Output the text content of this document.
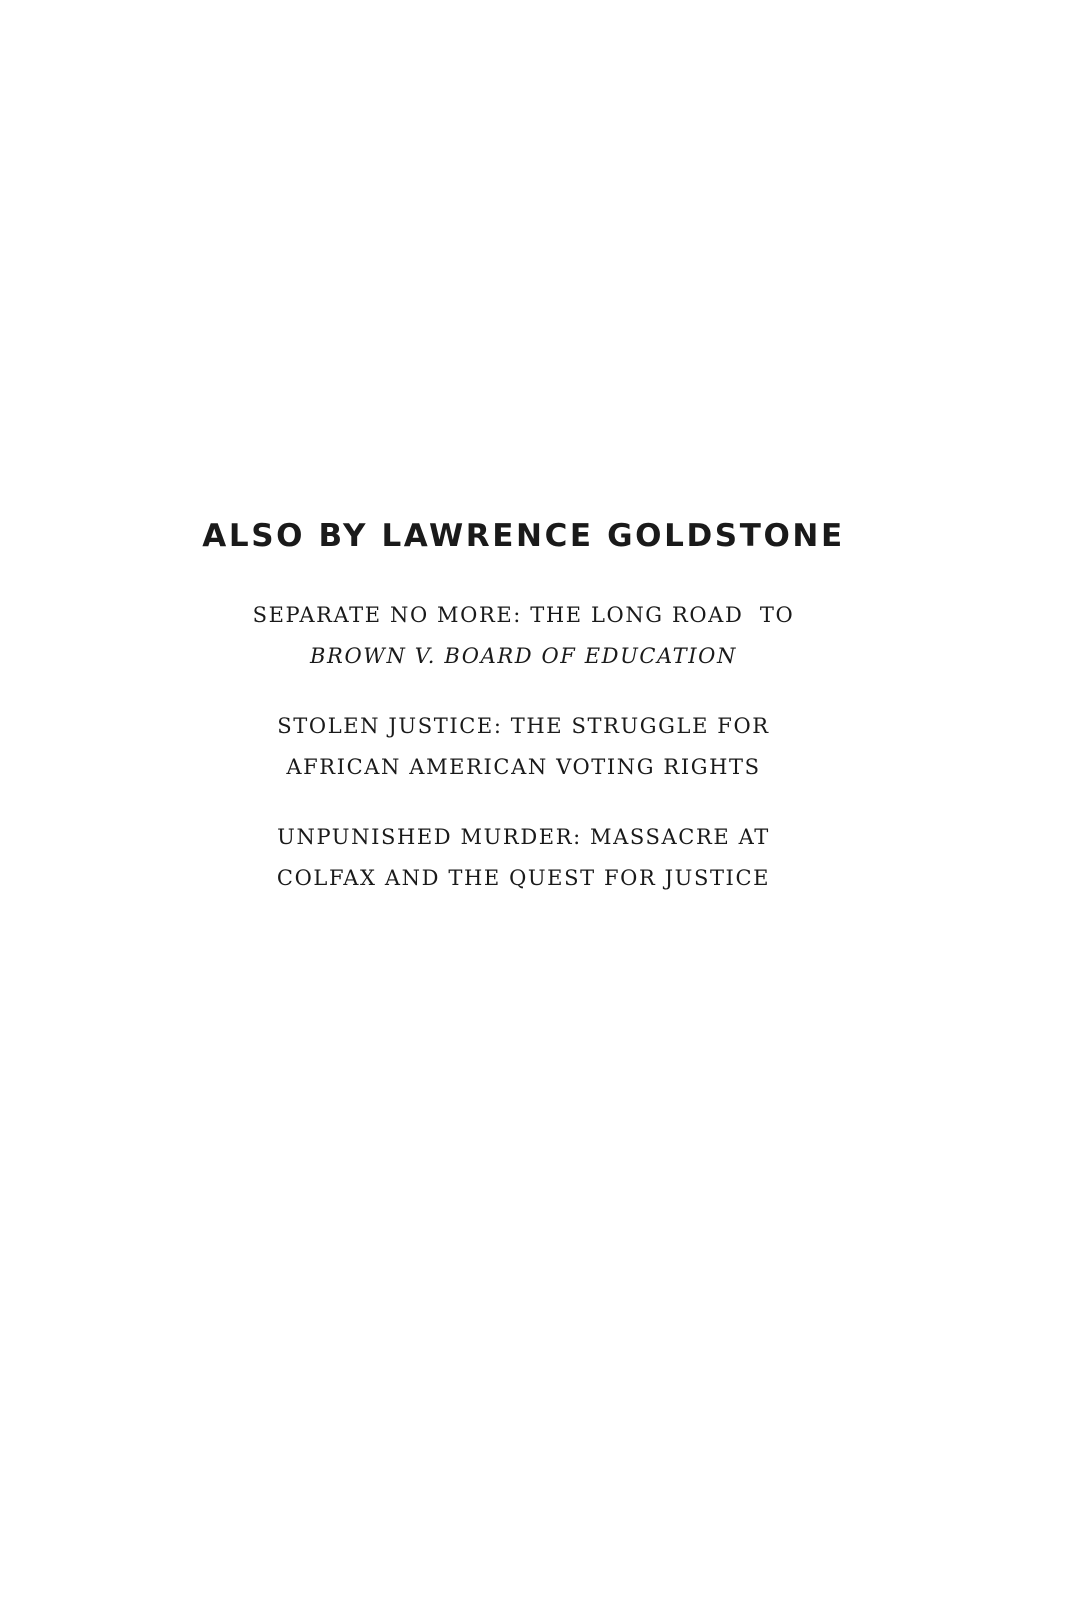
ALSO BY LAWRENCE GOLDSTONE
SEPARATE NO MORE: THE LONG ROAD  TO
BROWN V. BOARD OF EDUCATION
STOLEN JUSTICE: THE STRUGGLE FOR
AFRICAN AMERICAN VOTING RIGHTS
UNPUNISHED MURDER: MASSACRE AT
COLFAX AND THE QUEST FOR JUSTICE
